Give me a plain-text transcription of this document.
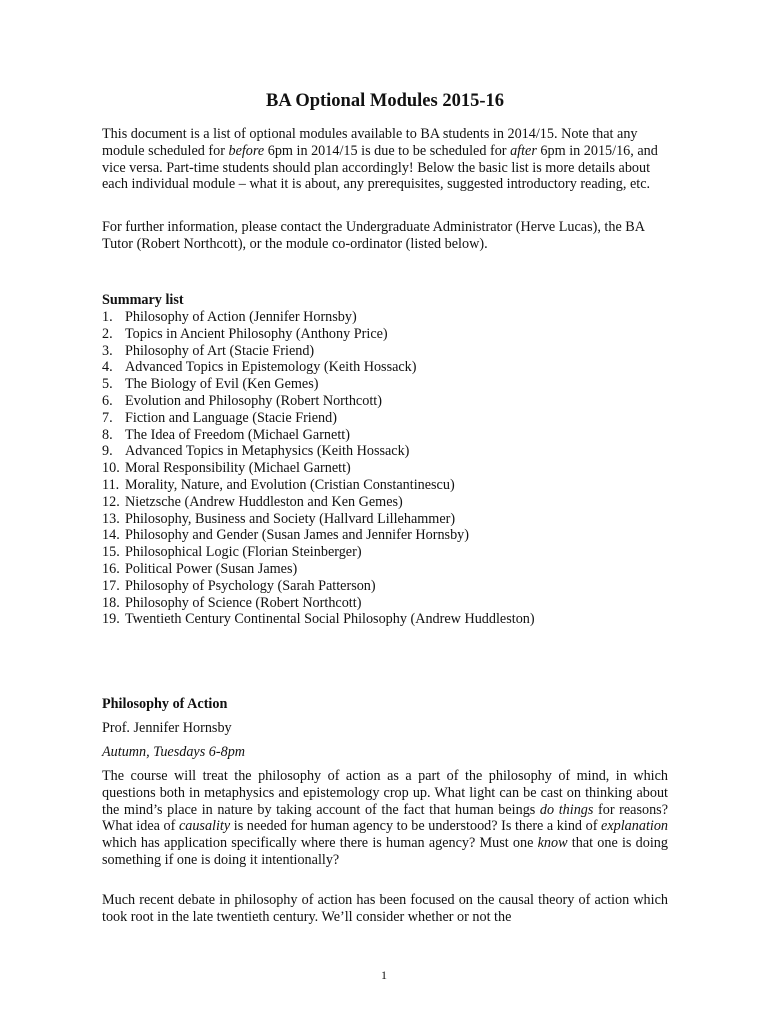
BA Optional Modules 2015-16

This document is a list of optional modules available to BA students in 2014/15. Note that any module scheduled for before 6pm in 2014/15 is due to be scheduled for after 6pm in 2015/16, and vice versa. Part-time students should plan accordingly! Below the basic list is more details about each individual module – what it is about, any prerequisites, suggested introductory reading, etc.

For further information, please contact the Undergraduate Administrator (Herve Lucas), the BA Tutor (Robert Northcott), or the module co-ordinator (listed below).

Summary list

1. Philosophy of Action (Jennifer Hornsby)
2. Topics in Ancient Philosophy (Anthony Price)
3. Philosophy of Art (Stacie Friend)
4. Advanced Topics in Epistemology (Keith Hossack)
5. The Biology of Evil (Ken Gemes)
6. Evolution and Philosophy (Robert Northcott)
7. Fiction and Language (Stacie Friend)
8. The Idea of Freedom (Michael Garnett)
9. Advanced Topics in Metaphysics (Keith Hossack)
10. Moral Responsibility (Michael Garnett)
11. Morality, Nature, and Evolution (Cristian Constantinescu)
12. Nietzsche (Andrew Huddleston and Ken Gemes)
13. Philosophy, Business and Society (Hallvard Lillehammer)
14. Philosophy and Gender (Susan James and Jennifer Hornsby)
15. Philosophical Logic (Florian Steinberger)
16. Political Power (Susan James)
17. Philosophy of Psychology (Sarah Patterson)
18. Philosophy of Science (Robert Northcott)
19. Twentieth Century Continental Social Philosophy (Andrew Huddleston)

Philosophy of Action

Prof. Jennifer Hornsby

Autumn, Tuesdays 6-8pm

The course will treat the philosophy of action as a part of the philosophy of mind, in which questions both in metaphysics and epistemology crop up. What light can be cast on thinking about the mind’s place in nature by taking account of the fact that human beings do things for reasons? What idea of causality is needed for human agency to be understood? Is there a kind of explanation which has application specifically where there is human agency? Must one know that one is doing something if one is doing it intentionally?

Much recent debate in philosophy of action has been focused on the causal theory of action which took root in the late twentieth century. We’ll consider whether or not the

1
